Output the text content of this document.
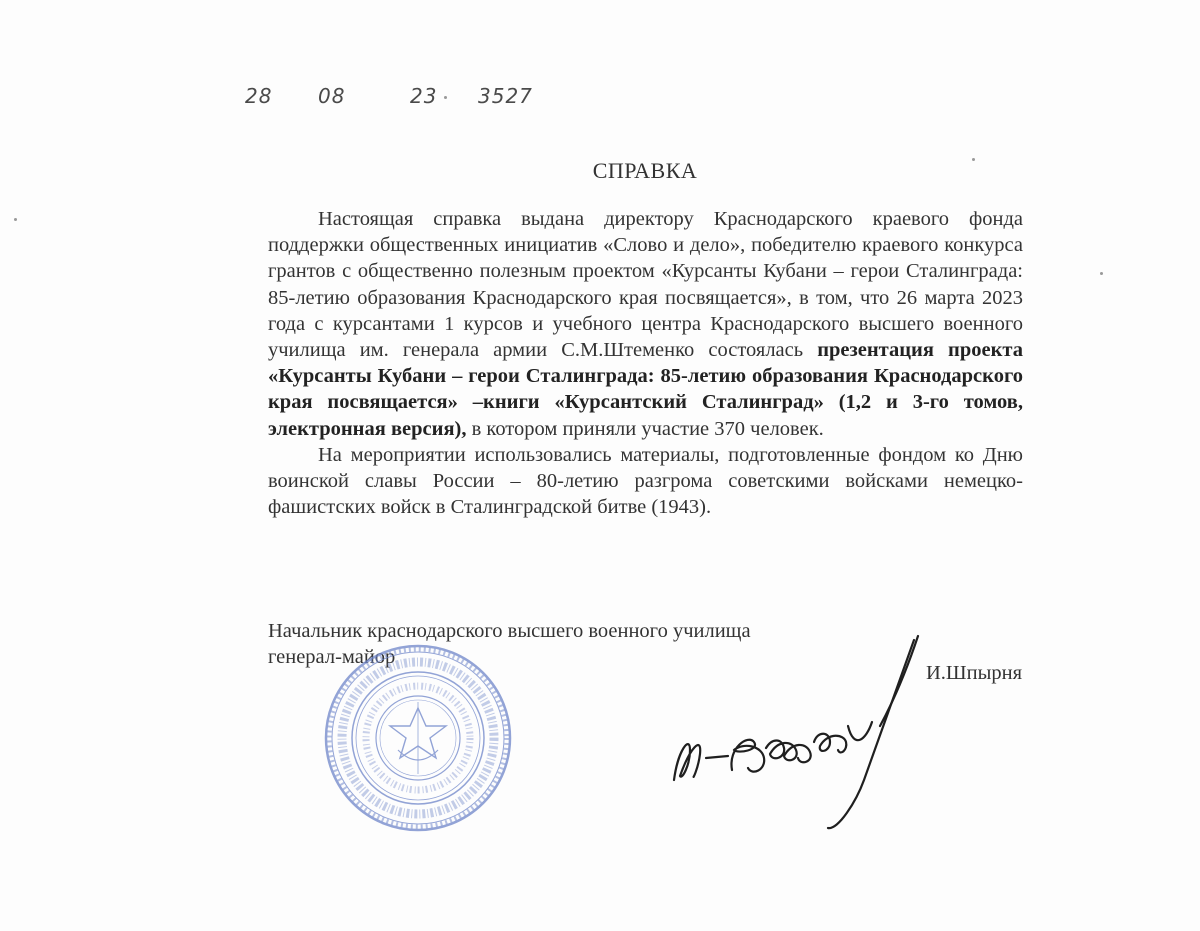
28 08	23 3527
СПРАВКА

Настоящая справка выдана директору Краснодарского краевого фонда поддержки общественных инициатив «Слово и дело», победителю краевого конкурса грантов с общественно полезным проектом «Курсанты Кубани – герои Сталинграда: 85-летию образования Краснодарского края посвящается», в том, что 26 марта 2023 года с курсантами 1 курсов и учебного центра Краснодарского высшего военного училища им. генерала армии С.М.Штеменко состоялась презентация проекта «Курсанты Кубани – герои Сталинграда: 85-летию образования Краснодарского края посвящается» –книги «Курсантский Сталинград» (1,2 и 3-го томов, электронная версия), в котором приняли участие 370 человек.

На мероприятии использовались материалы, подготовленные фондом ко Дню воинской славы России – 80-летию разгрома советскими войсками немецко-фашистских войск в Сталинградской битве (1943).

Начальник краснодарского высшего военного училища
генерал-майор
И.Шпырня
